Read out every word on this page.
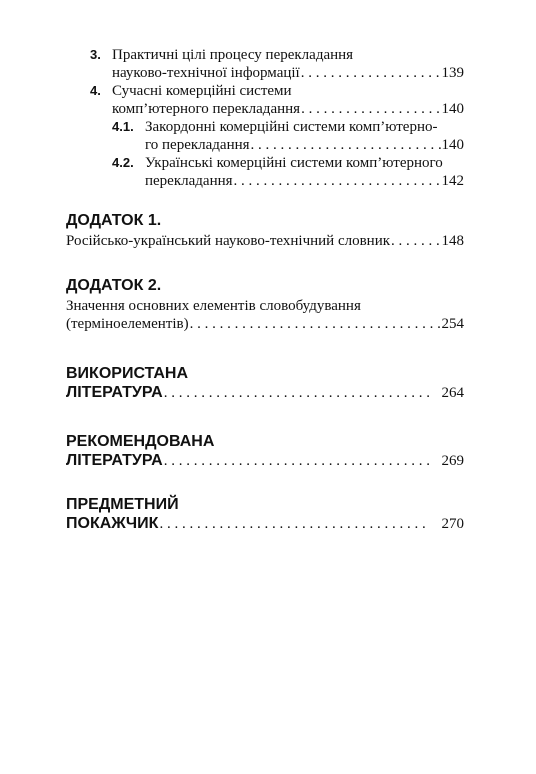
3. Практичні цілі процесу перекладання
науково-технічної інформації . . .	139
4. Сучасні комерційні системи
комп’ютерного перекладання . . .	140
4.1. Закордонні комерційні системи комп’ютерно-
го перекладання . . .	140
4.2. Українські комерційні системи комп’ютерного
перекладання . . .	142
ДОДАТОК 1.
Російсько-український науково-технічний словник . . .	148
ДОДАТОК 2.
Значення основних елементів словобудування
(терміноелементів) . . .	254
ВИКОРИСТАНА
ЛІТЕРАТУРА . . .	264
РЕКОМЕНДОВАНА
ЛІТЕРАТУРА . . .	269
ПРЕДМЕТНИЙ
ПОКАЖЧИК . . .	270
